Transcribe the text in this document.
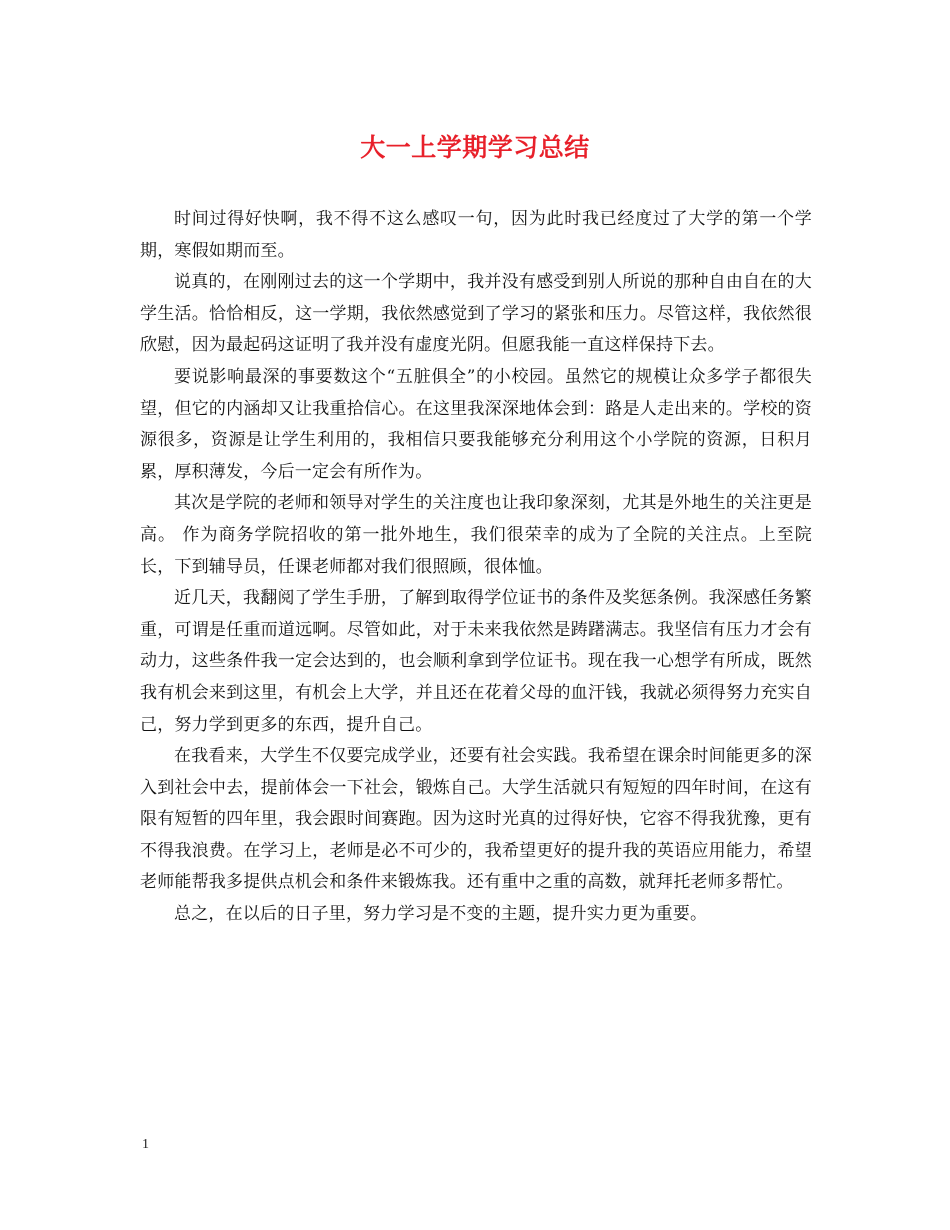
大一上学期学习总结

时间过得好快啊，我不得不这么感叹一句，因为此时我已经度过了大学的第一个学期，寒假如期而至。

说真的，在刚刚过去的这一个学期中，我并没有感受到别人所说的那种自由自在的大学生活。恰恰相反，这一学期，我依然感觉到了学习的紧张和压力。尽管这样，我依然很欣慰，因为最起码这证明了我并没有虚度光阴。但愿我能一直这样保持下去。

要说影响最深的事要数这个“五脏俱全”的小校园。虽然它的规模让众多学子都很失望，但它的内涵却又让我重拾信心。在这里我深深地体会到：路是人走出来的。学校的资源很多，资源是让学生利用的，我相信只要我能够充分利用这个小学院的资源，日积月累，厚积薄发，今后一定会有所作为。

其次是学院的老师和领导对学生的关注度也让我印象深刻，尤其是外地生的关注更是高。 作为商务学院招收的第一批外地生，我们很荣幸的成为了全院的关注点。上至院长，下到辅导员，任课老师都对我们很照顾，很体恤。

近几天，我翻阅了学生手册，了解到取得学位证书的条件及奖惩条例。我深感任务繁重，可谓是任重而道远啊。尽管如此，对于未来我依然是踌躇满志。我坚信有压力才会有动力，这些条件我一定会达到的，也会顺利拿到学位证书。现在我一心想学有所成，既然我有机会来到这里，有机会上大学，并且还在花着父母的血汗钱，我就必须得努力充实自己，努力学到更多的东西，提升自己。

在我看来，大学生不仅要完成学业，还要有社会实践。我希望在课余时间能更多的深入到社会中去，提前体会一下社会，锻炼自己。大学生活就只有短短的四年时间，在这有限有短暂的四年里，我会跟时间赛跑。因为这时光真的过得好快，它容不得我犹豫，更有不得我浪费。在学习上，老师是必不可少的，我希望更好的提升我的英语应用能力，希望老师能帮我多提供点机会和条件来锻炼我。还有重中之重的高数，就拜托老师多帮忙。

总之，在以后的日子里，努力学习是不变的主题，提升实力更为重要。

1
